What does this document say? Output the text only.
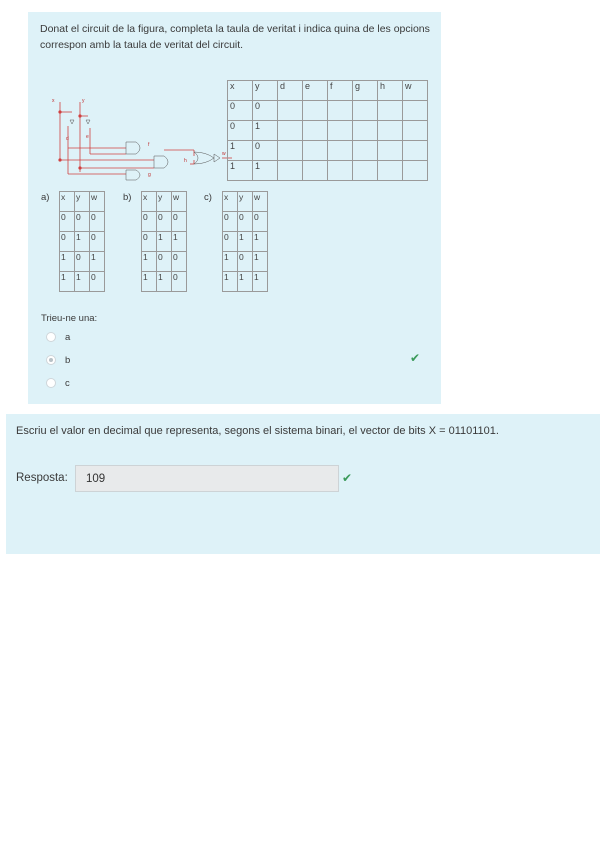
Donat el circuit de la figura, completa la taula de veritat i indica quina de les opcions correspon amb la taula de veritat del circuit.
x	y
d	e
f
g
h
w
x	y	d	e	f	g	h	w
0	0						
0	1						
1	0						
1	1						
a) x	y	w
0	0	0
0	1	0
1	0	1
1	1	0
b) x	y	w
0	0	0
0	1	1
1	0	0
1	1	0
c) x	y	w
0	0	0
0	1	1
1	0	1
1	1	1
Trieu-ne una:
a
b
c
✔
Escriu el valor en decimal que representa, segons el sistema binari, el vector de bits X = 01101101.
Resposta:
109	✔
